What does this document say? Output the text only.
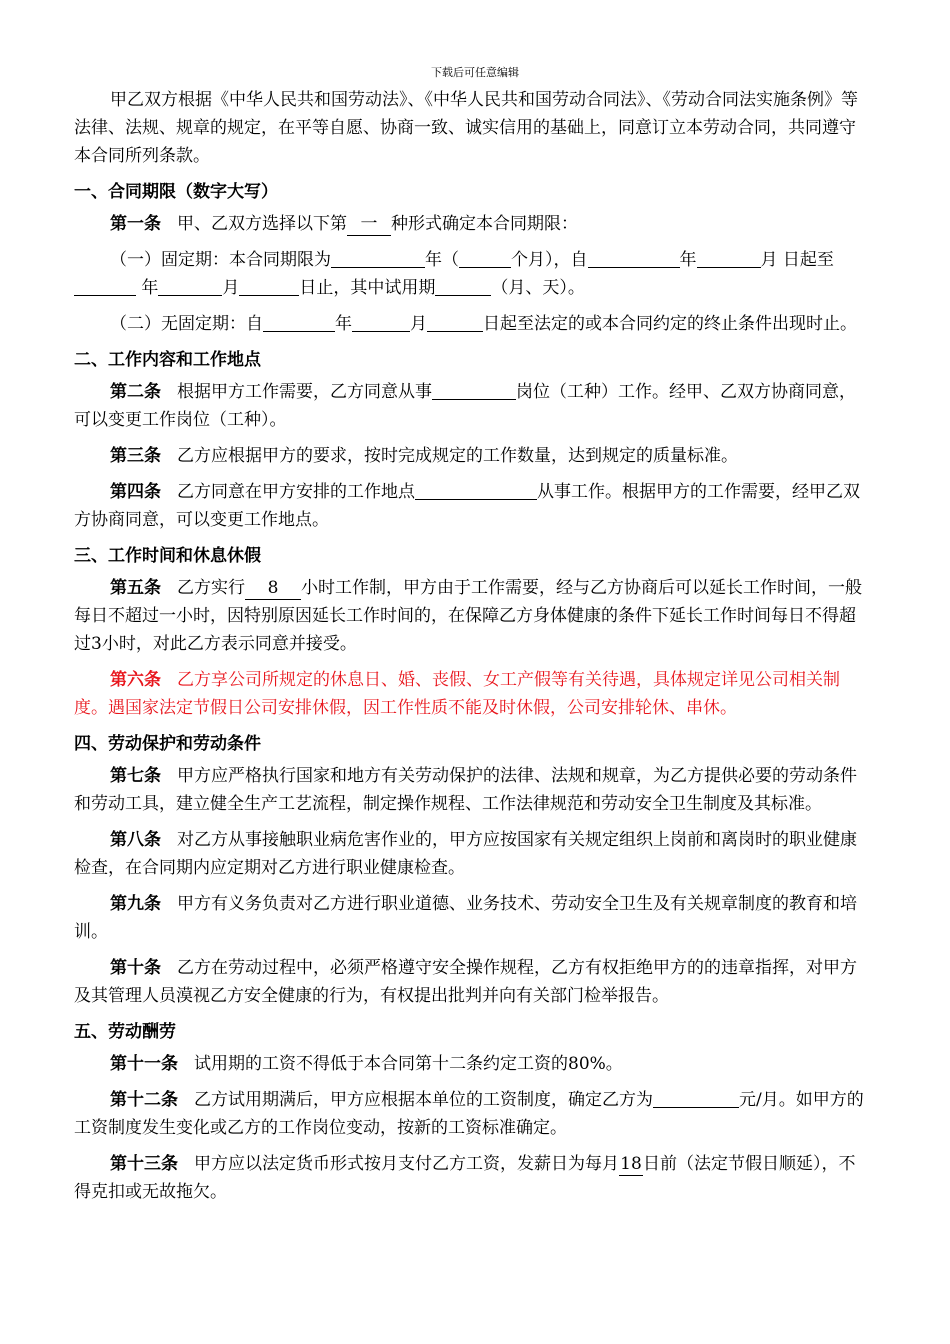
下载后可任意编辑

甲乙双方根据《中华人民共和国劳动法》、《中华人民共和国劳动合同法》、《劳动合同法实施条例》等法律、法规、规章的规定，在平等自愿、协商一致、诚实信用的基础上，同意订立本劳动合同，共同遵守本合同所列条款。

一、合同期限（数字大写）

第一条 甲、乙双方选择以下第 一 种形式确定本合同期限：

（一）固定期：本合同期限为	年（	个月），自	年	月 日起至 年	月	日止，其中试用期	（月、天）。

（二）无固定期：自	年	月	日起至法定的或本合同约定的终止条件出现时止。

二、工作内容和工作地点

第二条 根据甲方工作需要，乙方同意从事	岗位（工种）工作。经甲、乙双方协商同意，可以变更工作岗位（工种）。

第三条 乙方应根据甲方的要求，按时完成规定的工作数量，达到规定的质量标准。

第四条 乙方同意在甲方安排的工作地点	从事工作。根据甲方的工作需要，经甲乙双方协商同意，可以变更工作地点。

三、工作时间和休息休假

第五条 乙方实行 8 小时工作制，甲方由于工作需要，经与乙方协商后可以延长工作时间，一般每日不超过一小时，因特别原因延长工作时间的，在保障乙方身体健康的条件下延长工作时间每日不得超过3小时，对此乙方表示同意并接受。

第六条 乙方享公司所规定的休息日、婚、丧假、女工产假等有关待遇，具体规定详见公司相关制度。遇国家法定节假日公司安排休假，因工作性质不能及时休假，公司安排轮休、串休。

四、劳动保护和劳动条件

第七条 甲方应严格执行国家和地方有关劳动保护的法律、法规和规章，为乙方提供必要的劳动条件和劳动工具，建立健全生产工艺流程，制定操作规程、工作法律规范和劳动安全卫生制度及其标准。

第八条 对乙方从事接触职业病危害作业的，甲方应按国家有关规定组织上岗前和离岗时的职业健康检查，在合同期内应定期对乙方进行职业健康检查。

第九条 甲方有义务负责对乙方进行职业道德、业务技术、劳动安全卫生及有关规章制度的教育和培训。

第十条 乙方在劳动过程中，必须严格遵守安全操作规程，乙方有权拒绝甲方的的违章指挥，对甲方及其管理人员漠视乙方安全健康的行为，有权提出批判并向有关部门检举报告。

五、劳动酬劳

第十一条 试用期的工资不得低于本合同第十二条约定工资的80%。

第十二条 乙方试用期满后，甲方应根据本单位的工资制度，确定乙方为	元/月。如甲方的工资制度发生变化或乙方的工作岗位变动，按新的工资标准确定。

第十三条 甲方应以法定货币形式按月支付乙方工资，发薪日为每月18日前（法定节假日顺延），不得克扣或无故拖欠。
